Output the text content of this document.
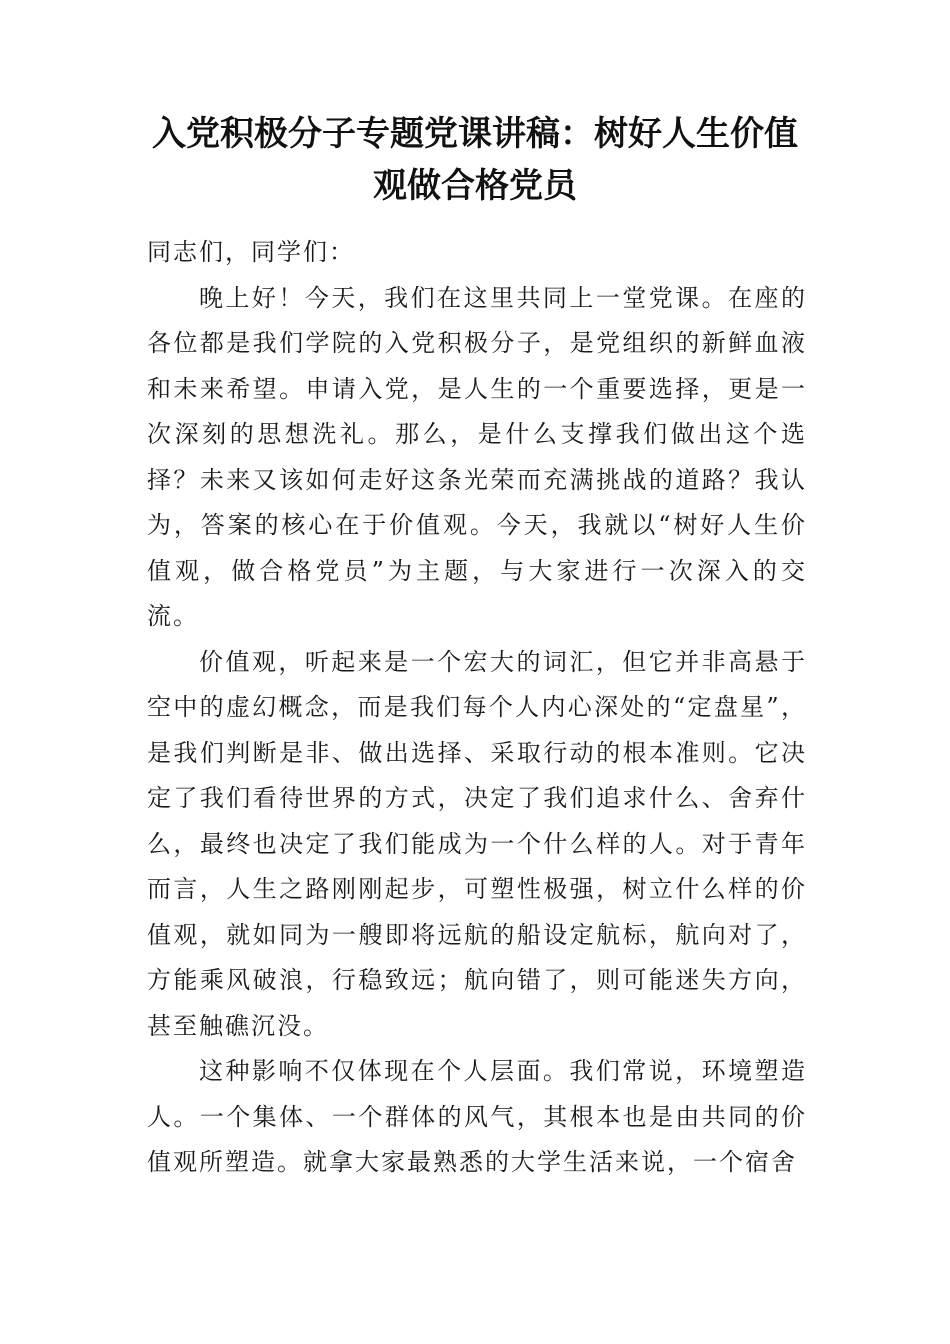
入党积极分子专题党课讲稿：树好人生价值观做合格党员

同志们，同学们：

晚上好！今天，我们在这里共同上一堂党课。在座的各位都是我们学院的入党积极分子，是党组织的新鲜血液和未来希望。申请入党，是人生的一个重要选择，更是一次深刻的思想洗礼。那么，是什么支撑我们做出这个选择？未来又该如何走好这条光荣而充满挑战的道路？我认为，答案的核心在于价值观。今天，我就以“树好人生价值观，做合格党员”为主题，与大家进行一次深入的交流。

价值观，听起来是一个宏大的词汇，但它并非高悬于空中的虚幻概念，而是我们每个人内心深处的“定盘星”，是我们判断是非、做出选择、采取行动的根本准则。它决定了我们看待世界的方式，决定了我们追求什么、舍弃什么，最终也决定了我们能成为一个什么样的人。对于青年而言，人生之路刚刚起步，可塑性极强，树立什么样的价值观，就如同为一艘即将远航的船设定航标，航向对了，方能乘风破浪，行稳致远；航向错了，则可能迷失方向，甚至触礁沉没。

这种影响不仅体现在个人层面。我们常说，环境塑造人。一个集体、一个群体的风气，其根本也是由共同的价值观所塑造。就拿大家最熟悉的大学生活来说，一个宿舍
